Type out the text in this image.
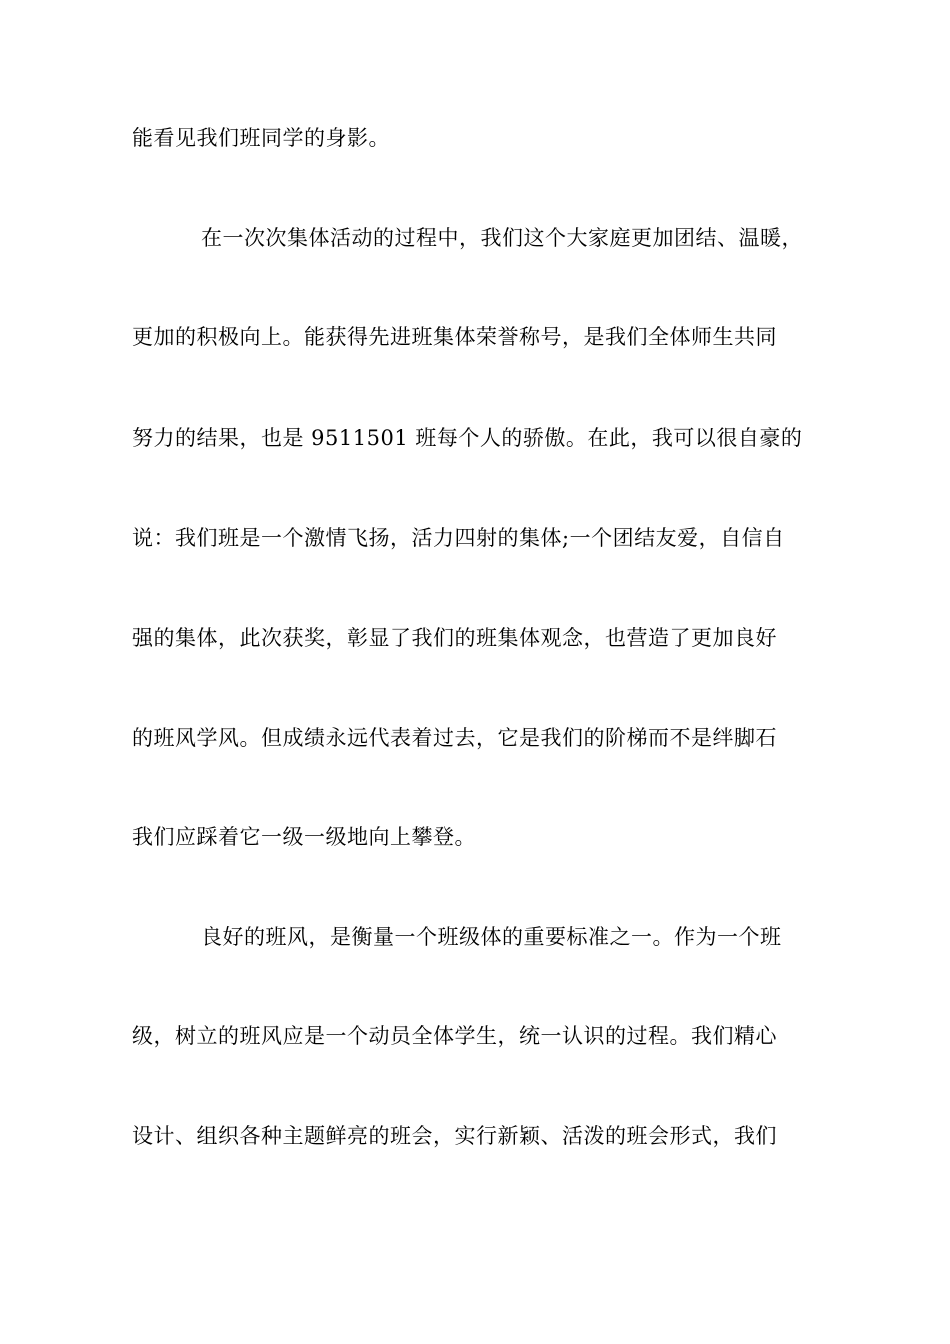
能看见我们班同学的身影。
在一次次集体活动的过程中，我们这个大家庭更加团结、温暖，
更加的积极向上。能获得先进班集体荣誉称号，是我们全体师生共同
努力的结果，也是 9511501 班每个人的骄傲。在此，我可以很自豪的
说：我们班是一个激情飞扬，活力四射的集体;一个团结友爱，自信自
强的集体，此次获奖，彰显了我们的班集体观念，也营造了更加良好
的班风学风。但成绩永远代表着过去，它是我们的阶梯而不是绊脚石
我们应踩着它一级一级地向上攀登。
良好的班风，是衡量一个班级体的重要标准之一。作为一个班
级，树立的班风应是一个动员全体学生，统一认识的过程。我们精心
设计、组织各种主题鲜亮的班会，实行新颖、活泼的班会形式，我们
